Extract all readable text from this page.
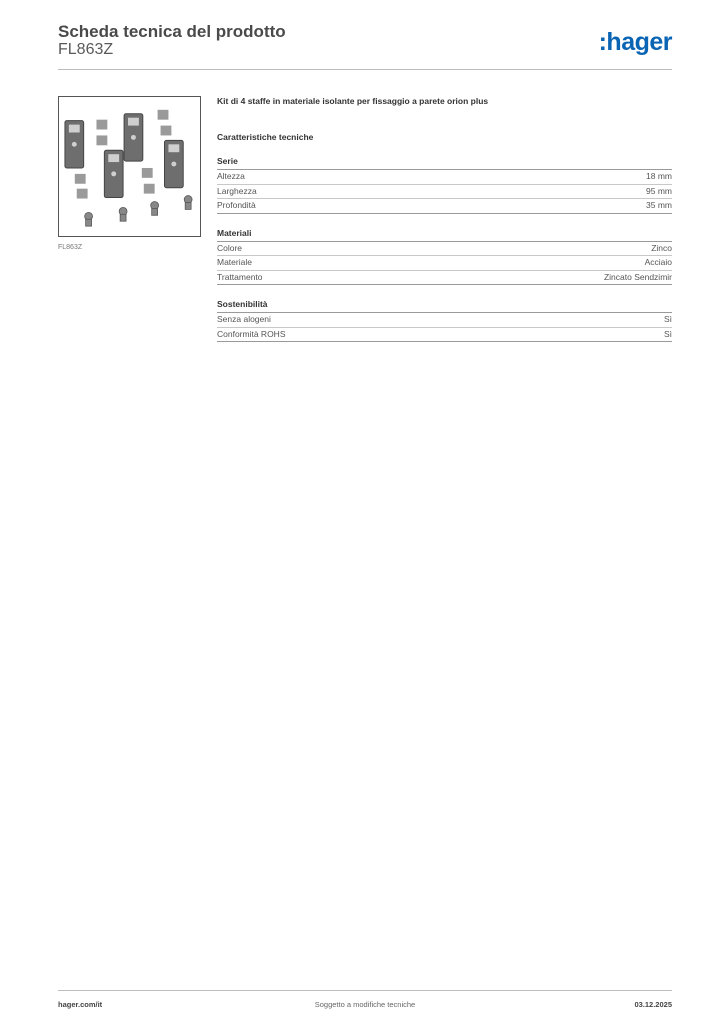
Scheda tecnica del prodotto
FL863Z	:hager
FL863Z
Kit di 4 staffe in materiale isolante per fissaggio a parete orion plus
Caratteristiche tecniche
Serie
Altezza	18 mm
Larghezza	95 mm
Profondità	35 mm
Materiali
Colore	Zinco
Materiale	Acciaio
Trattamento	Zincato Sendzimir
Sostenibilità
Senza alogeni	Sì
Conformità ROHS	Sì
hager.com/it	Soggetto a modifiche tecniche	03.12.2025
